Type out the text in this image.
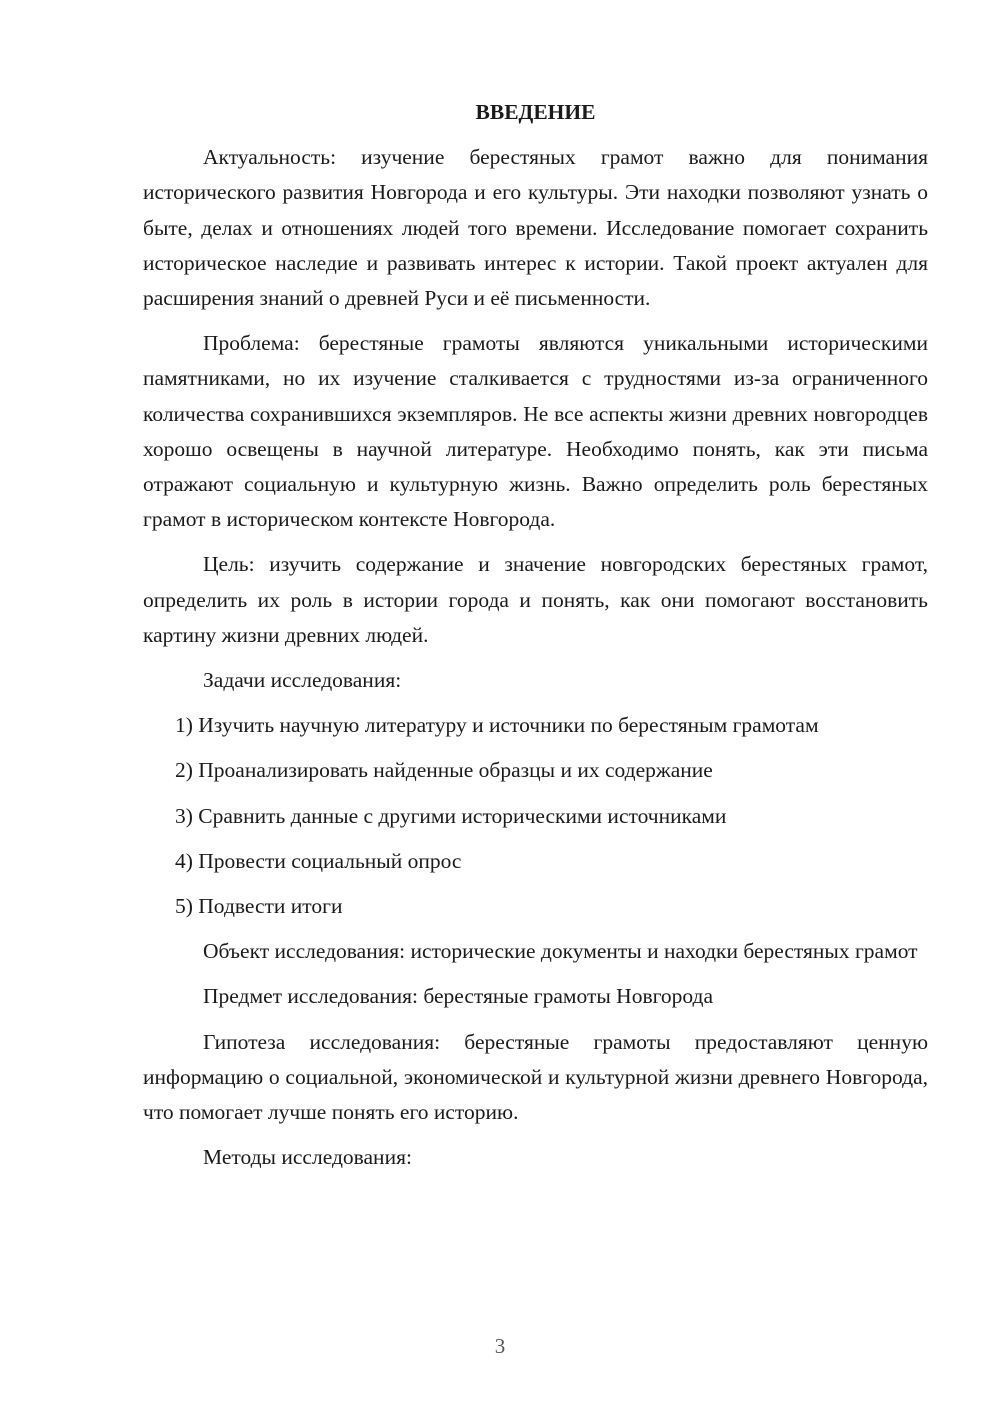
ВВЕДЕНИЕ

Актуальность: изучение берестяных грамот важно для понимания исторического развития Новгорода и его культуры. Эти находки позволяют узнать о быте, делах и отношениях людей того времени. Исследование помогает сохранить историческое наследие и развивать интерес к истории. Такой проект актуален для расширения знаний о древней Руси и её письменности.

Проблема: берестяные грамоты являются уникальными историческими памятниками, но их изучение сталкивается с трудностями из-за ограниченного количества сохранившихся экземпляров. Не все аспекты жизни древних новгородцев хорошо освещены в научной литературе. Необходимо понять, как эти письма отражают социальную и культурную жизнь. Важно определить роль берестяных грамот в историческом контексте Новгорода.

Цель: изучить содержание и значение новгородских берестяных грамот, определить их роль в истории города и понять, как они помогают восстановить картину жизни древних людей.

Задачи исследования:

1) Изучить научную литературу и источники по берестяным грамотам

2) Проанализировать найденные образцы и их содержание

3) Сравнить данные с другими историческими источниками

4) Провести социальный опрос

5) Подвести итоги

Объект исследования: исторические документы и находки берестяных грамот

Предмет исследования: берестяные грамоты Новгорода

Гипотеза исследования: берестяные грамоты предоставляют ценную информацию о социальной, экономической и культурной жизни древнего Новгорода, что помогает лучше понять его историю.

Методы исследования:

3
